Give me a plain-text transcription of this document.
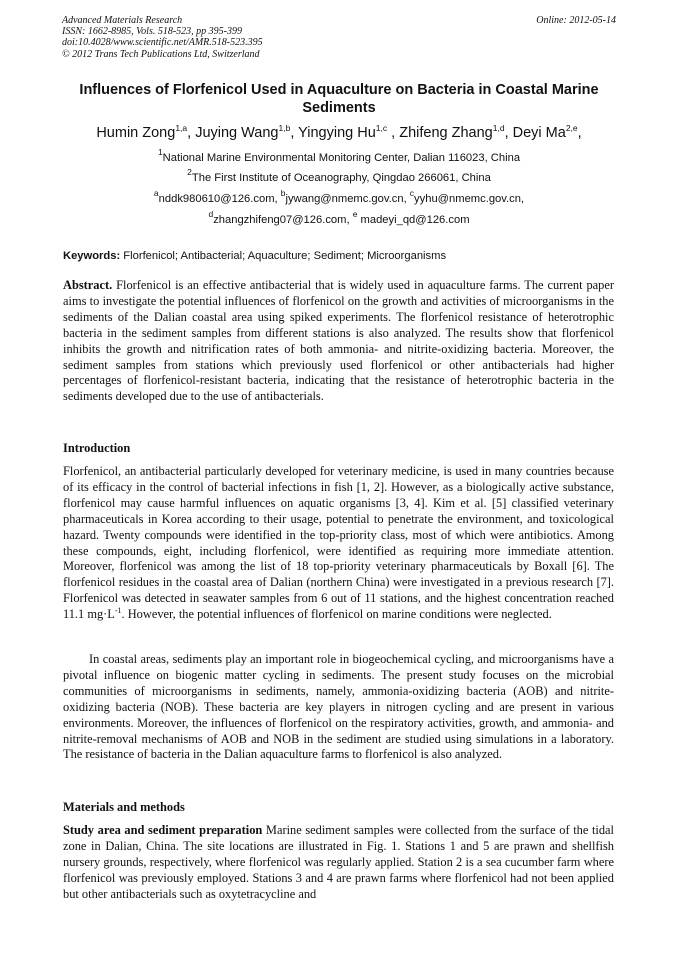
Advanced Materials Research
ISSN: 1662-8985, Vols. 518-523, pp 395-399
doi:10.4028/www.scientific.net/AMR.518-523.395
© 2012 Trans Tech Publications Ltd, Switzerland
Online: 2012-05-14
Influences of Florfenicol Used in Aquaculture on Bacteria in Coastal Marine Sediments
Humin Zong$^{1,a}$, Juying Wang$^{1,b}$, Yingying Hu$^{1,c}$ , Zhifeng Zhang$^{1,d}$, Deyi Ma$^{2,e}$,
$^1$National Marine Environmental Monitoring Center, Dalian 116023, China
$^2$The First Institute of Oceanography, Qingdao 266061, China
$^a$nddk980610@126.com, $^b$jywang@nmemc.gov.cn, $^c$yyhu@nmemc.gov.cn,
$^d$zhangzhifeng07@126.com, $^e$ madeyi_qd@126.com
Keywords: Florfenicol; Antibacterial; Aquaculture; Sediment; Microorganisms
Abstract. Florfenicol is an effective antibacterial that is widely used in aquaculture farms. The current paper aims to investigate the potential influences of florfenicol on the growth and activities of microorganisms in the sediments of the Dalian coastal area using spiked experiments. The florfenicol resistance of heterotrophic bacteria in the sediment samples from different stations is also analyzed. The results show that florfenicol inhibits the growth and nitrification rates of both ammonia- and nitrite-oxidizing bacteria. Moreover, the sediment samples from stations which previously used florfenicol or other antibacterials had higher percentages of florfenicol-resistant bacteria, indicating that the resistance of heterotrophic bacteria in the sediments developed due to the use of antibacterials.
Introduction
Florfenicol, an antibacterial particularly developed for veterinary medicine, is used in many countries because of its efficacy in the control of bacterial infections in fish [1, 2]. However, as a biologically active substance, florfenicol may cause harmful influences on aquatic organisms [3, 4]. Kim et al. [5] classified veterinary pharmaceuticals in Korea according to their usage, potential to penetrate the environment, and toxicological hazard. Twenty compounds were identified in the top-priority class, most of which were antibiotics. Among these compounds, eight, including florfenicol, were identified as requiring more immediate attention. Moreover, florfenicol was among the list of 18 top-priority veterinary pharmaceuticals by Boxall [6]. The florfenicol residues in the coastal area of Dalian (northern China) were investigated in a previous research [7]. Florfenicol was detected in seawater samples from 6 out of 11 stations, and the highest concentration reached 11.1 $mg\cdot L^{-1}$. However, the potential influences of florfenicol on marine conditions were neglected.
In coastal areas, sediments play an important role in biogeochemical cycling, and microorganisms have a pivotal influence on biogenic matter cycling in sediments. The present study focuses on the microbial communities of microorganisms in sediments, namely, ammonia-oxidizing bacteria (AOB) and nitrite-oxidizing bacteria (NOB). These bacteria are key players in nitrogen cycling and are present in various environments. Moreover, the influences of florfenicol on the respiratory activities, growth, and ammonia- and nitrite-removal mechanisms of AOB and NOB in the sediment are studied using simulations in a laboratory. The resistance of bacteria in the Dalian aquaculture farms to florfenicol is also analyzed.
Materials and methods
Study area and sediment preparation Marine sediment samples were collected from the surface of the tidal zone in Dalian, China. The site locations are illustrated in Fig. 1. Stations 1 and 5 are prawn and shellfish nursery grounds, respectively, where florfenicol was regularly applied. Station 2 is a sea cucumber farm where florfenicol was previously employed. Stations 3 and 4 are prawn farms where florfenicol had not been applied but other antibacterials such as oxytetracycline and
